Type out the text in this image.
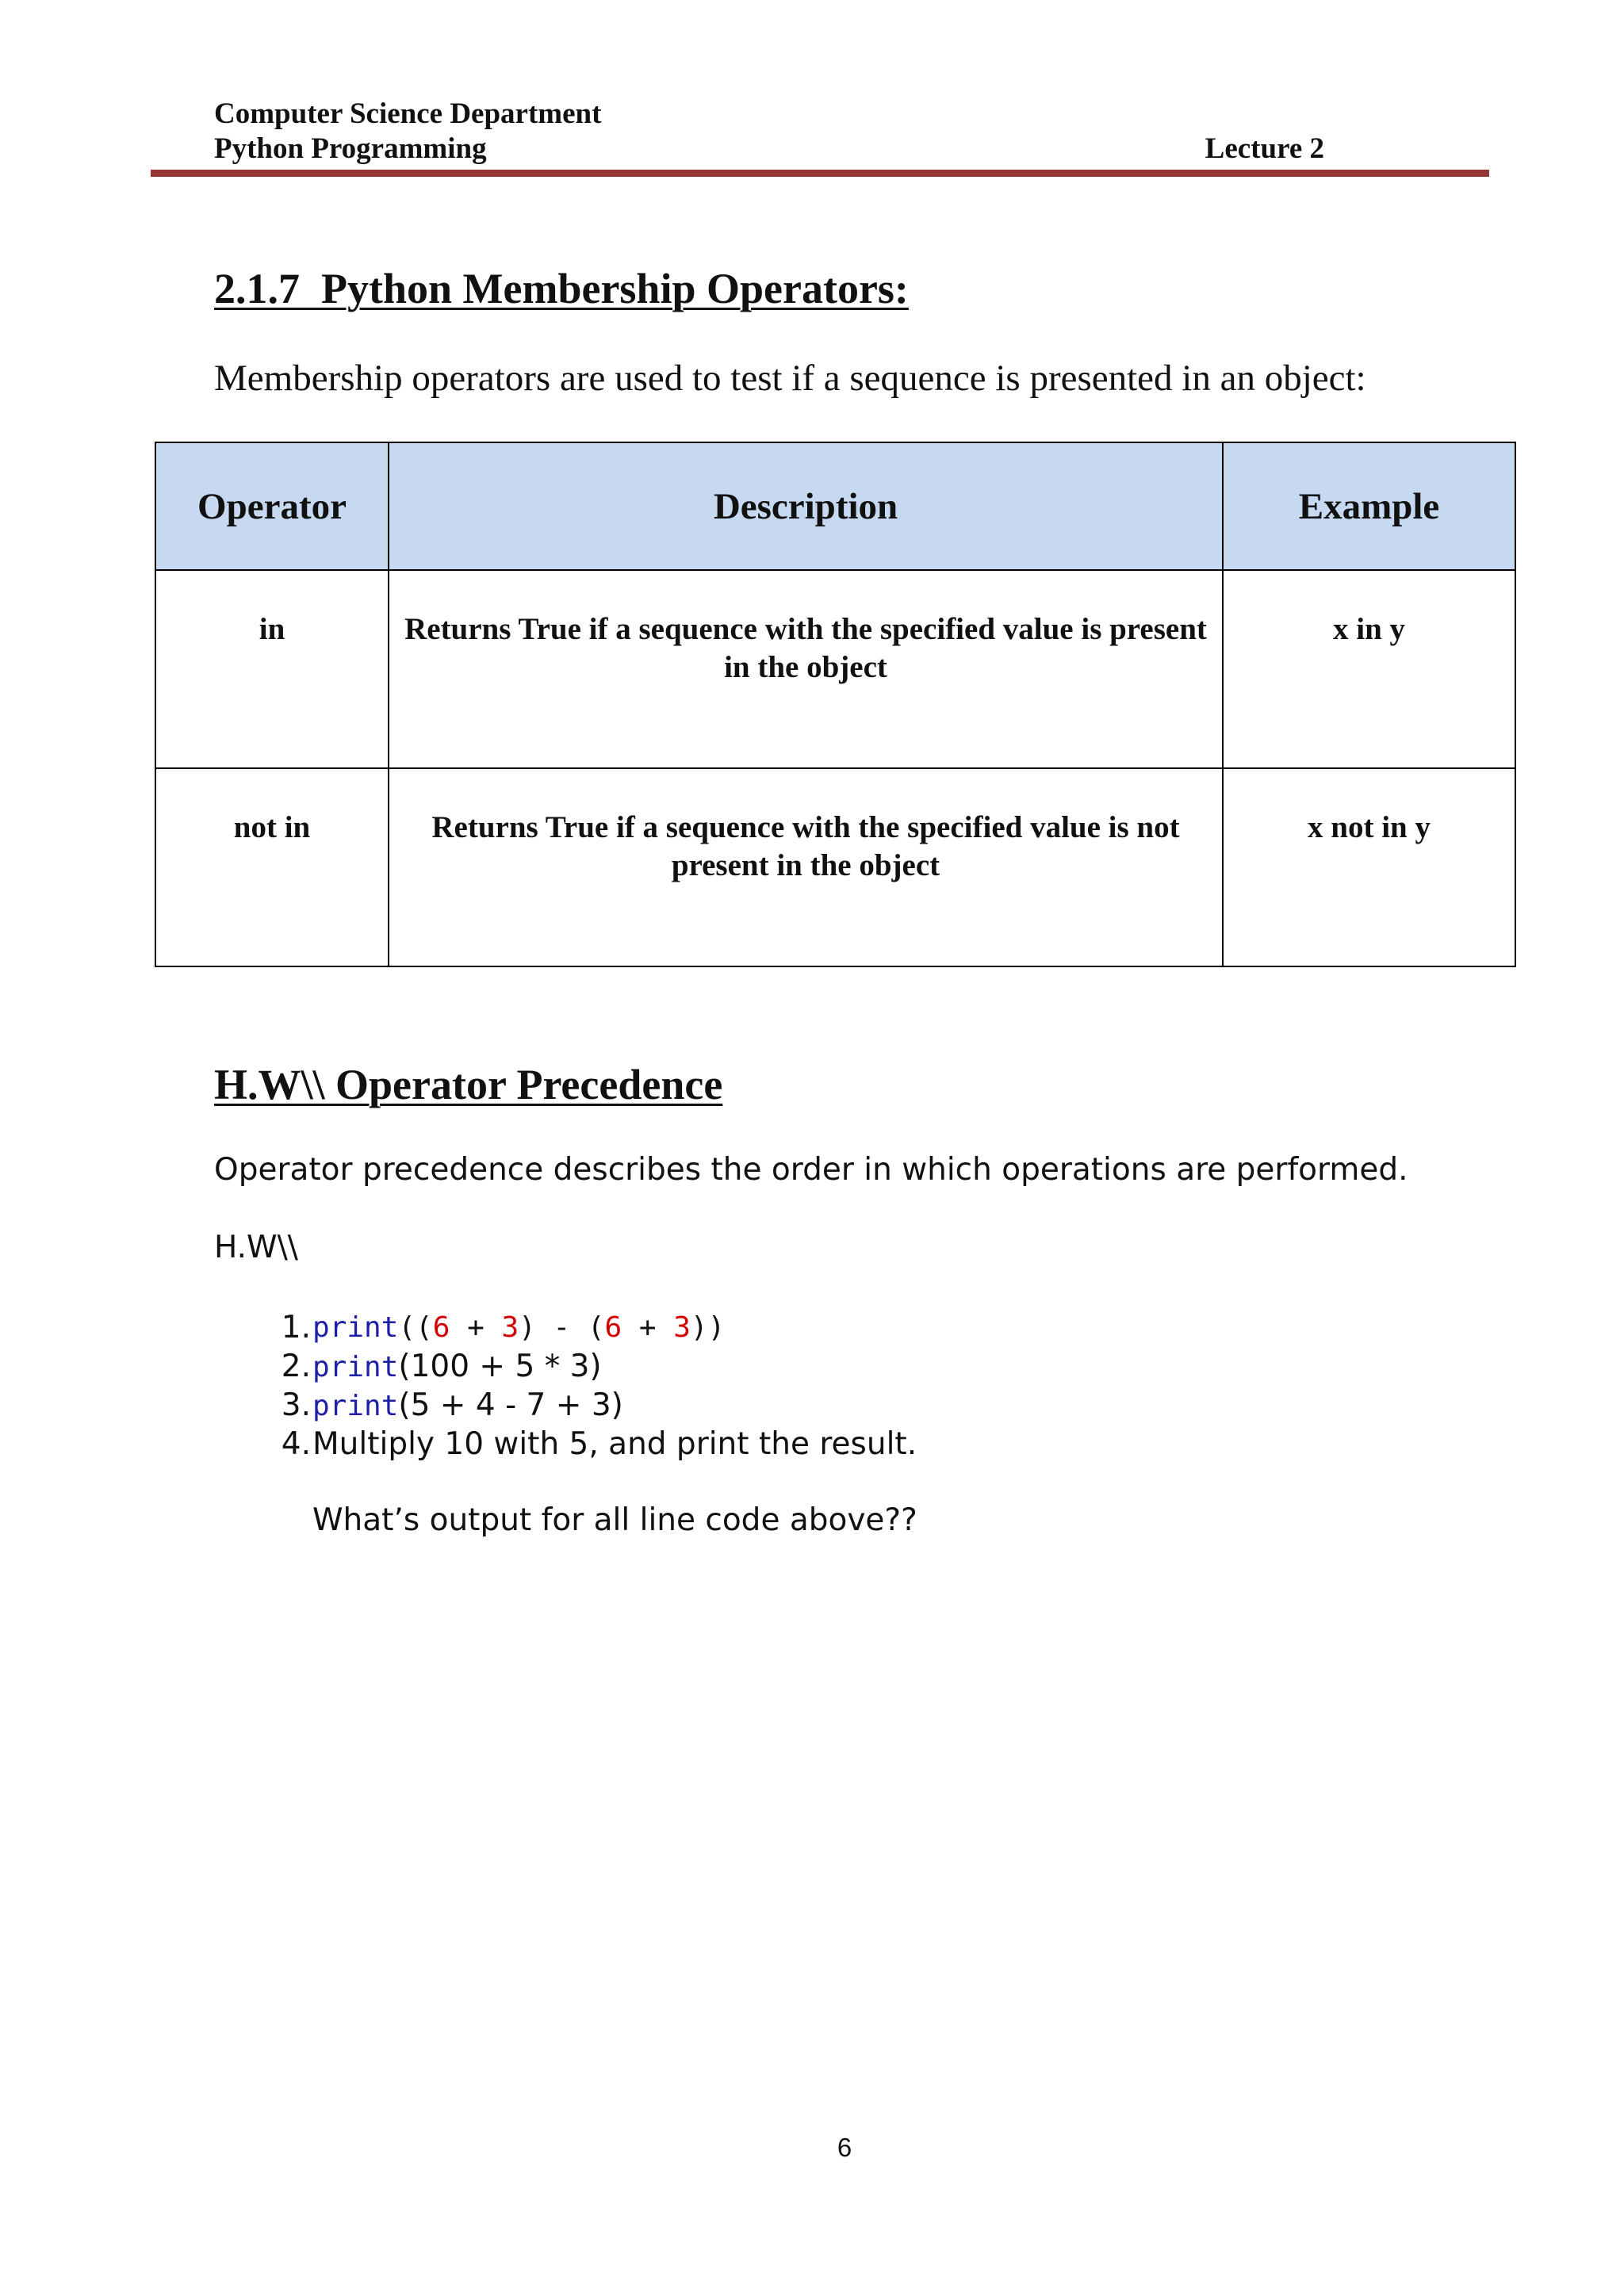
Computer Science Department
Python Programming	Lecture 2
2.1.7  Python Membership Operators:

Membership operators are used to test if a sequence is presented in an object:

Operator	Description	Example
in	Returns True if a sequence with the specified value is present in the object	x in y
not in	Returns True if a sequence with the specified value is not present in the object	x not in y
H.W\\ Operator Precedence

Operator precedence describes the order in which operations are performed.

H.W\\

1. print((6 + 3) - (6 + 3))
2. print(100 + 5 * 3)
3. print(5 + 4 - 7 + 3)
4. Multiply 10 with 5, and print the result.

What’s output for all line code above??

6
